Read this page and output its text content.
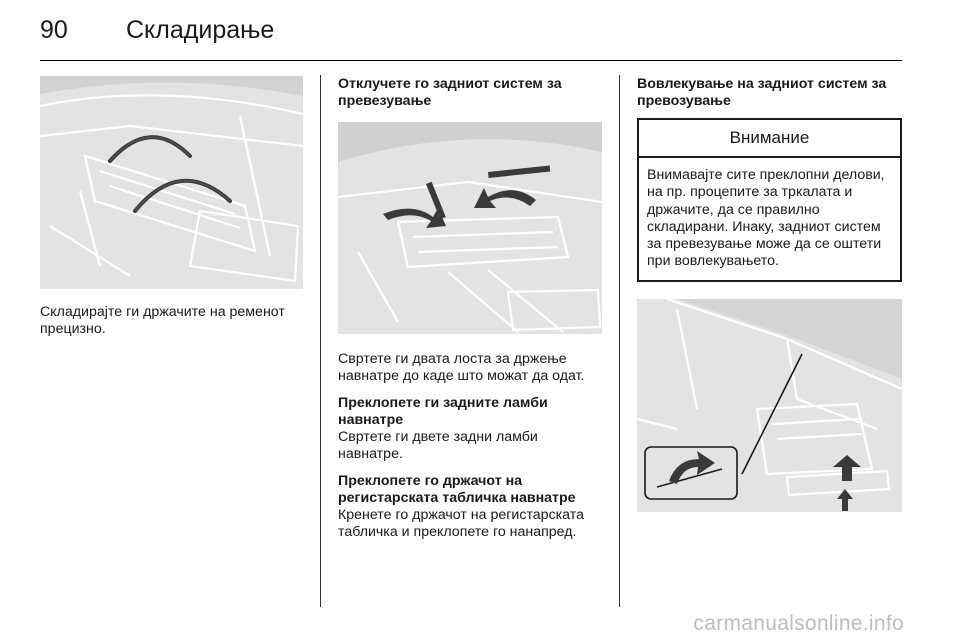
90 Складирање

Складирајте ги држачите на ременот прецизно.

Отклучете го задниот систем за превезување

Свртете ги двата лоста за држење навнатре до каде што можат да одат.

Преклопете ги задните ламби навнатре

Свртете ги двете задни ламби навнатре.

Преклопете го држачот на регистарската табличка навнатре

Кренете го држачот на регистарската табличка и преклопете го нанапред.

Вовлекување на задниот систем за превозување

Внимание
Внимавајте сите преклопни делови, на пр. процепите за тркалата и држачите, да се правилно складирани. Инаку, задниот систем за превезување може да се оштети при вовлекувањето.
carmanualsonline.info
